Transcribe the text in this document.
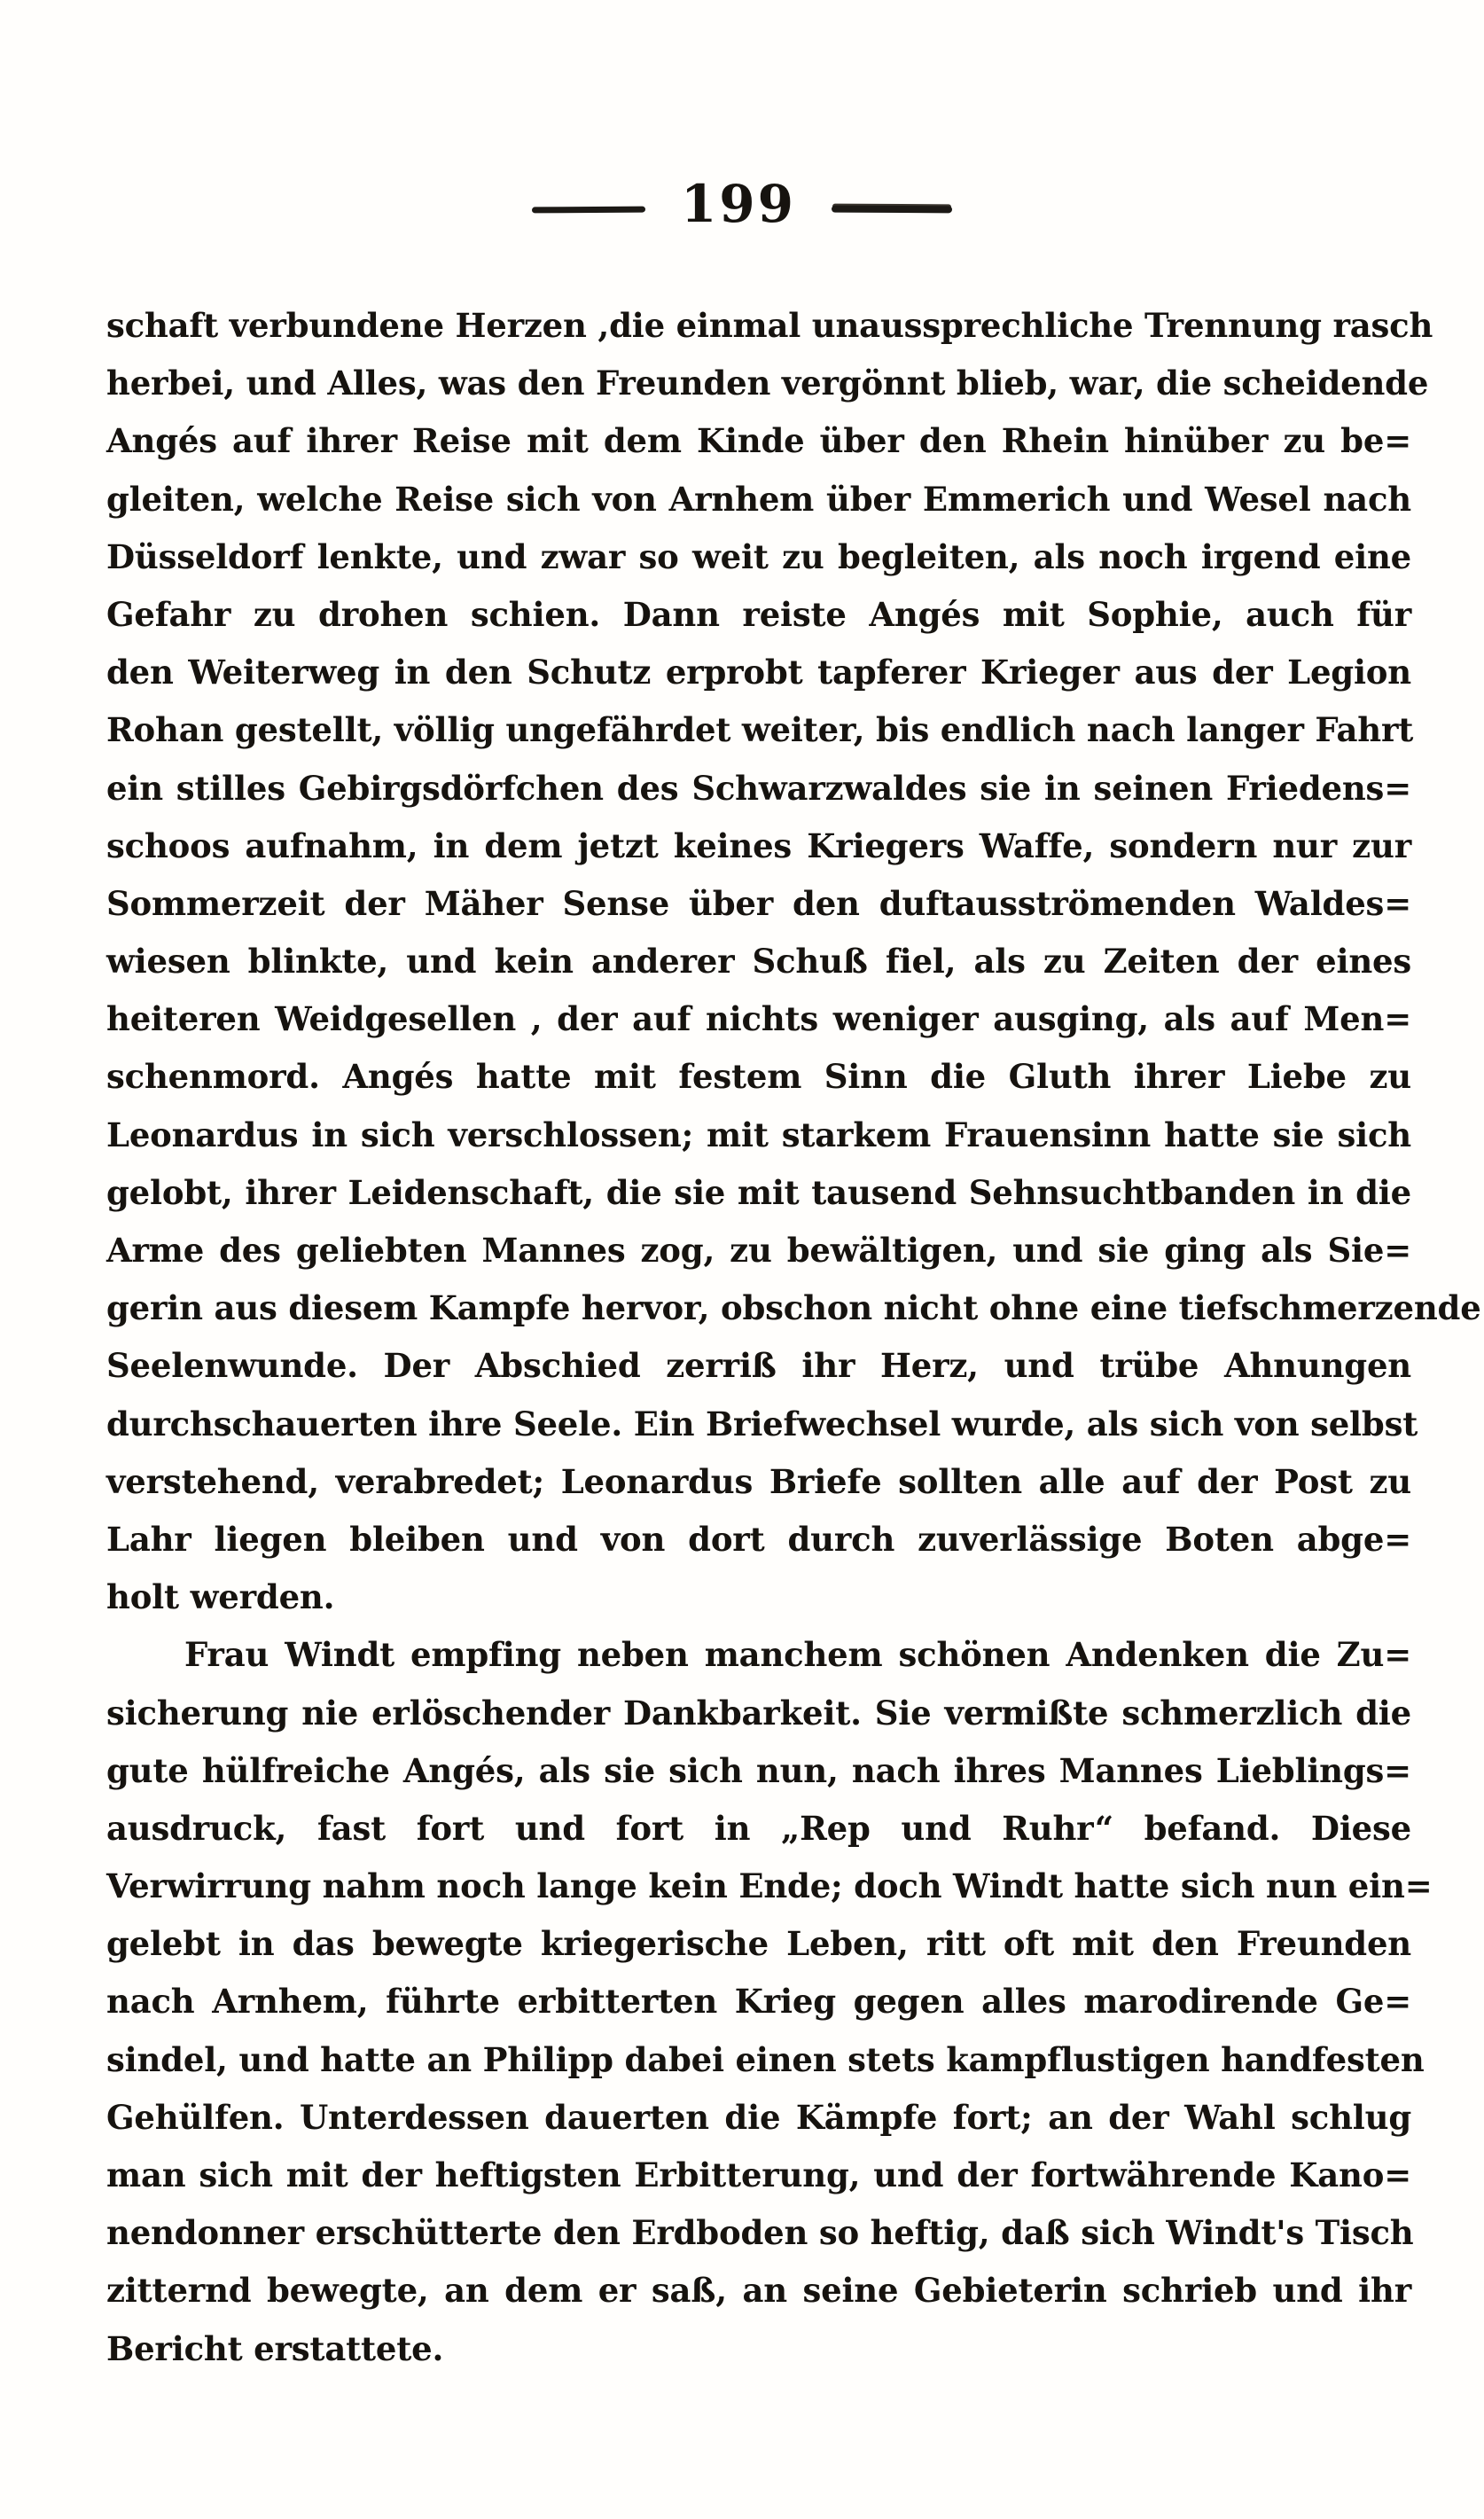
199
schaft verbundene Herzen ,die einmal unaussprechliche Trennung rasch
herbei, und Alles, was den Freunden vergönnt blieb, war, die scheidende
Angés auf ihrer Reise mit dem Kinde über den Rhein hinüber zu be=
gleiten, welche Reise sich von Arnhem über Emmerich und Wesel nach
Düsseldorf lenkte, und zwar so weit zu begleiten, als noch irgend eine
Gefahr zu drohen schien. Dann reiste Angés mit Sophie, auch für
den Weiterweg in den Schutz erprobt tapferer Krieger aus der Legion
Rohan gestellt, völlig ungefährdet weiter, bis endlich nach langer Fahrt
ein stilles Gebirgsdörfchen des Schwarzwaldes sie in seinen Friedens=
schoos aufnahm, in dem jetzt keines Kriegers Waffe, sondern nur zur
Sommerzeit der Mäher Sense über den duftausströmenden Waldes=
wiesen blinkte, und kein anderer Schuß fiel, als zu Zeiten der eines
heiteren Weidgesellen , der auf nichts weniger ausging, als auf Men=
schenmord. Angés hatte mit festem Sinn die Gluth ihrer Liebe zu
Leonardus in sich verschlossen; mit starkem Frauensinn hatte sie sich
gelobt, ihrer Leidenschaft, die sie mit tausend Sehnsuchtbanden in die
Arme des geliebten Mannes zog, zu bewältigen, und sie ging als Sie=
gerin aus diesem Kampfe hervor, obschon nicht ohne eine tiefschmerzende
Seelenwunde. Der Abschied zerriß ihr Herz, und trübe Ahnungen
durchschauerten ihre Seele. Ein Briefwechsel wurde, als sich von selbst
verstehend, verabredet; Leonardus Briefe sollten alle auf der Post zu
Lahr liegen bleiben und von dort durch zuverlässige Boten abge=
holt werden.
Frau Windt empfing neben manchem schönen Andenken die Zu=
sicherung nie erlöschender Dankbarkeit. Sie vermißte schmerzlich die
gute hülfreiche Angés, als sie sich nun, nach ihres Mannes Lieblings=
ausdruck, fast fort und fort in „Rep und Ruhr“ befand. Diese
Verwirrung nahm noch lange kein Ende; doch Windt hatte sich nun ein=
gelebt in das bewegte kriegerische Leben, ritt oft mit den Freunden
nach Arnhem, führte erbitterten Krieg gegen alles marodirende Ge=
sindel, und hatte an Philipp dabei einen stets kampflustigen handfesten
Gehülfen. Unterdessen dauerten die Kämpfe fort; an der Wahl schlug
man sich mit der heftigsten Erbitterung, und der fortwährende Kano=
nendonner erschütterte den Erdboden so heftig, daß sich Windt's Tisch
zitternd bewegte, an dem er saß, an seine Gebieterin schrieb und ihr
Bericht erstattete.
